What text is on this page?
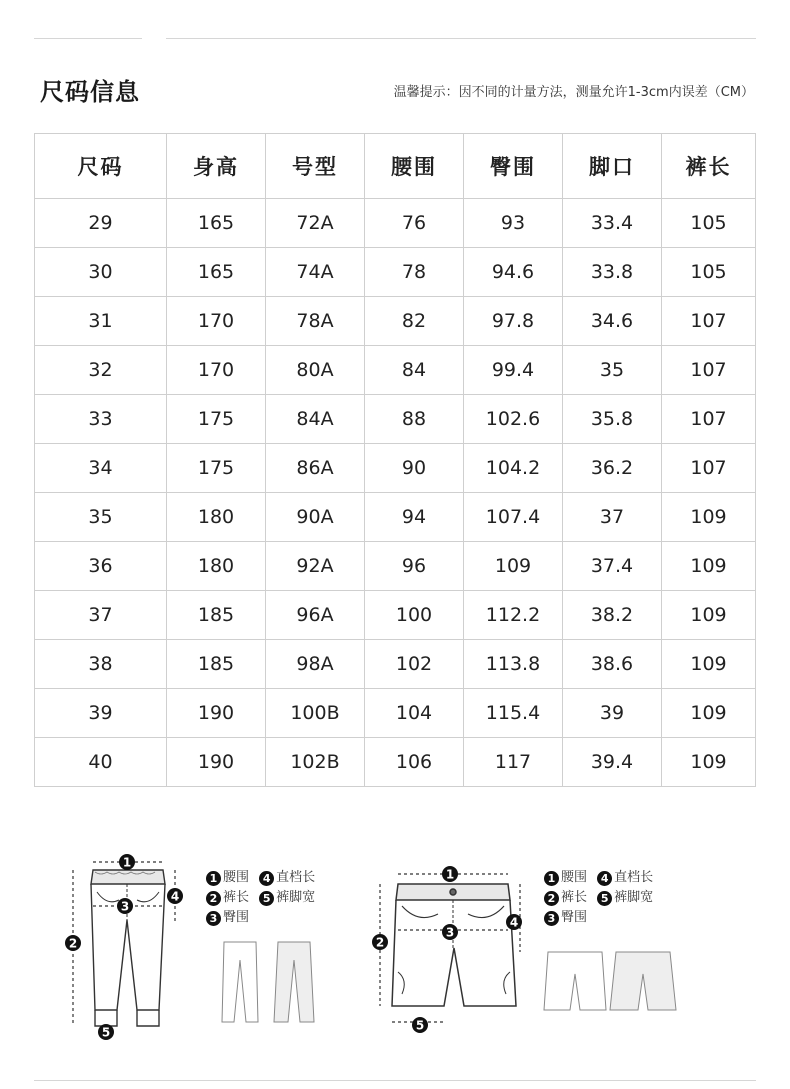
尺码信息	温馨提示：因不同的计量方法，测量允许1-3cm内误差（CM）
尺码	身高	号型	腰围	臀围	脚口	裤长
29	165	72A	76	93	33.4	105
30	165	74A	78	94.6	33.8	105
31	170	78A	82	97.8	34.6	107
32	170	80A	84	99.4	35	107
33	175	84A	88	102.6	35.8	107
34	175	86A	90	104.2	36.2	107
35	180	90A	94	107.4	37	109
36	180	92A	96	109	37.4	109
37	185	96A	100	112.2	38.2	109
38	185	98A	102	113.8	38.6	109
39	190	100B	104	115.4	39	109
40	190	102B	106	117	39.4	109
1
2
3
4
5
1 腰围 4 直档长
2 裤长 5 裤脚宽
3 臀围
1
2
3
4
5
1 腰围 4 直档长
2 裤长 5 裤脚宽
3 臀围
